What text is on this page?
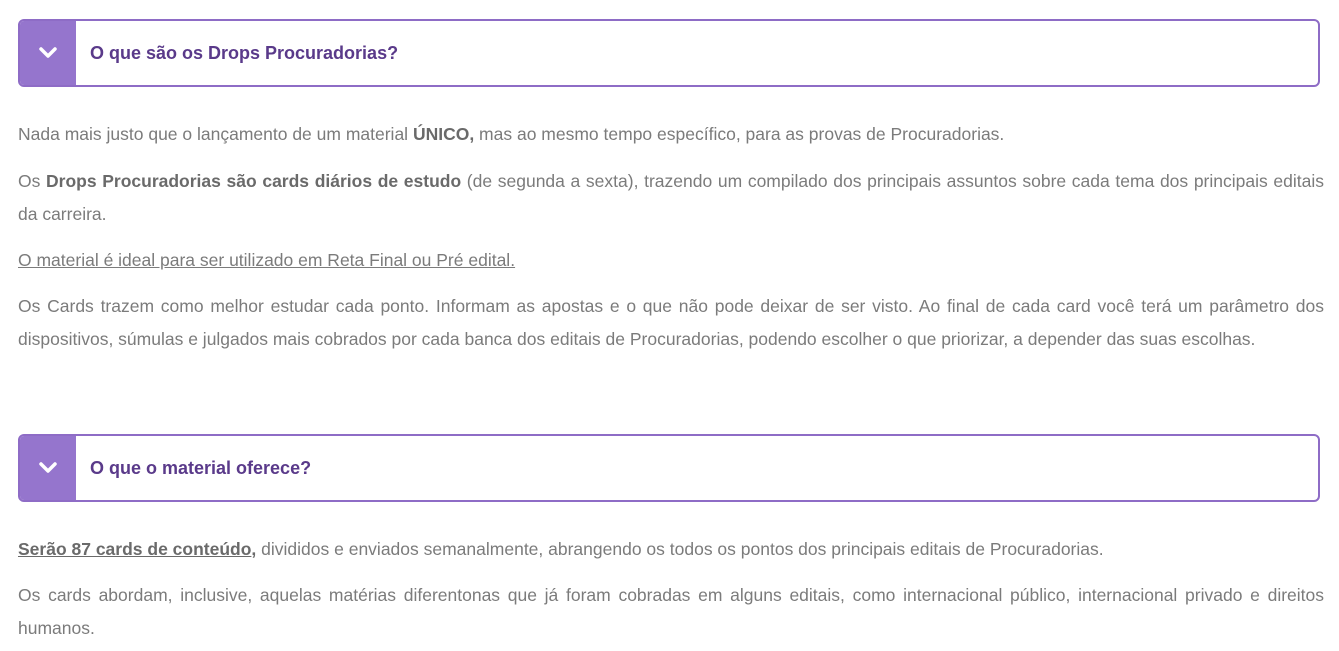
O que são os Drops Procuradorias?

Nada mais justo que o lançamento de um material ÚNICO, mas ao mesmo tempo específico, para as provas de Procuradorias.

Os Drops Procuradorias são cards diários de estudo (de segunda a sexta), trazendo um compilado dos principais assuntos sobre cada tema dos principais editais da carreira.

O material é ideal para ser utilizado em Reta Final ou Pré edital.

Os Cards trazem como melhor estudar cada ponto. Informam as apostas e o que não pode deixar de ser visto. Ao final de cada card você terá um parâmetro dos dispositivos, súmulas e julgados mais cobrados por cada banca dos editais de Procuradorias, podendo escolher o que priorizar, a depender das suas escolhas.

O que o material oferece?

Serão 87 cards de conteúdo, divididos e enviados semanalmente, abrangendo os todos os pontos dos principais editais de Procuradorias.

Os cards abordam, inclusive, aquelas matérias diferentonas que já foram cobradas em alguns editais, como internacional público, internacional privado e direitos humanos.
